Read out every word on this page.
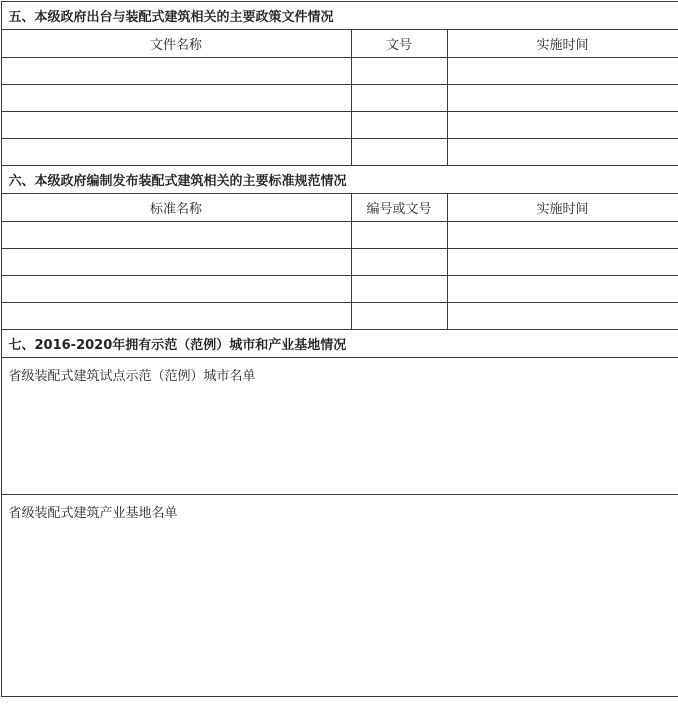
五、本级政府出台与装配式建筑相关的主要政策文件情况		
文件名称	文号	实施时间

六、本级政府编制发布装配式建筑相关的主要标准规范情况		
标准名称	编号或文号	实施时间

七、2016-2020年拥有示范（范例）城市和产业基地情况		
省级装配式建筑试点示范（范例）城市名单		
省级装配式建筑产业基地名单		
